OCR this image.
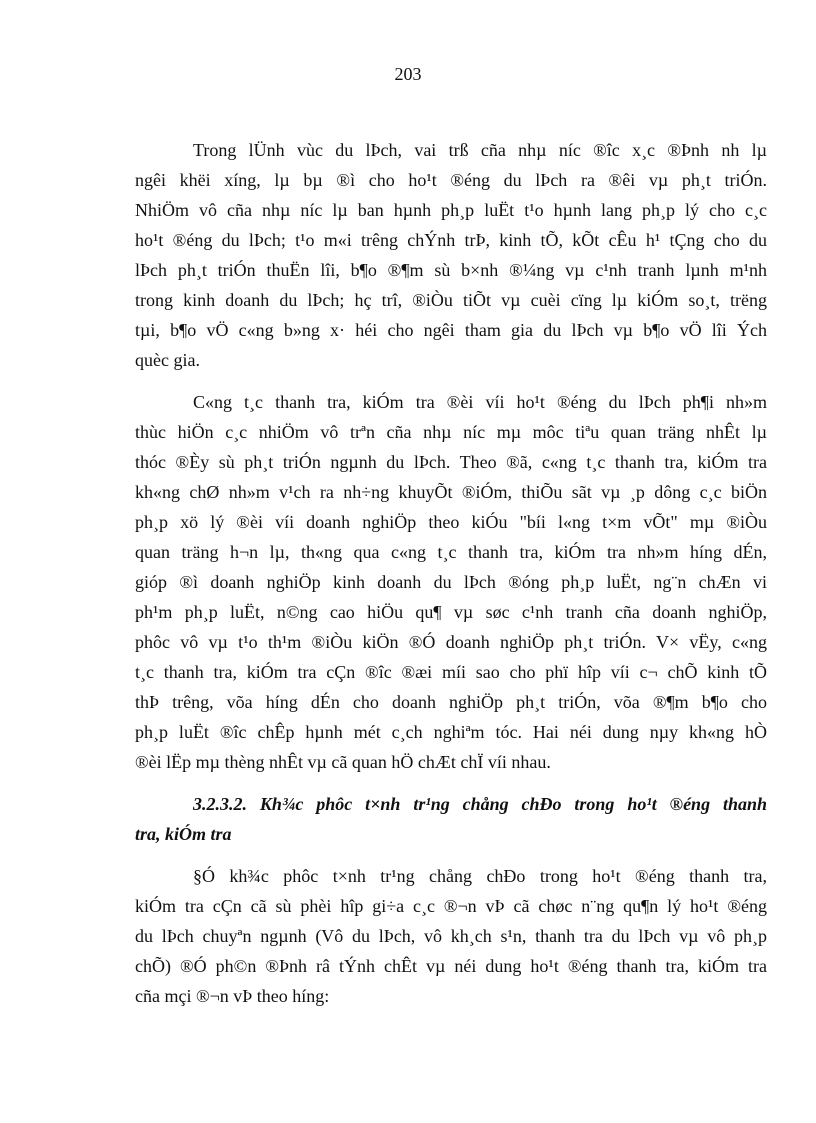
203
Trong lÜnh vùc du lÞch, vai trß cña nhµ níc ®îc x¸c ®Þnh nh lµ
ngêi khëi xíng, lµ bµ ®ì cho ho¹t ®éng du lÞch ra ®êi vµ ph¸t triÓn.
NhiÖm vô cña nhµ níc lµ ban hµnh ph¸p luËt t¹o hµnh lang ph¸p lý cho c¸c
ho¹t ®éng du lÞch; t¹o m«i trêng chÝnh trÞ, kinh tÕ, kÕt cÊu h¹ tÇng cho du
lÞch ph¸t triÓn thuËn lîi, b¶o ®¶m sù b×nh ®¼ng vµ c¹nh tranh lµnh m¹nh
trong kinh doanh du lÞch; hç trî, ®iÒu tiÕt vµ cuèi cïng lµ kiÓm so¸t, trëng
tµi, b¶o vÖ c«ng b»ng x· héi cho ngêi tham gia du lÞch vµ b¶o vÖ lîi Ých
quèc gia.
C«ng t¸c thanh tra, kiÓm tra ®èi víi ho¹t ®éng du lÞch ph¶i nh»m
thùc hiÖn c¸c nhiÖm vô trªn cña nhµ níc mµ môc tiªu quan träng nhÊt lµ
thóc ®Èy sù ph¸t triÓn ngµnh du lÞch. Theo ®ã, c«ng t¸c thanh tra, kiÓm tra
kh«ng chØ nh»m v¹ch ra nh÷ng khuyÕt ®iÓm, thiÕu sãt vµ ¸p dông c¸c biÖn
ph¸p xö lý ®èi víi doanh nghiÖp theo kiÓu "bíi l«ng t×m vÕt" mµ ®iÒu
quan träng h¬n lµ, th«ng qua c«ng t¸c thanh tra, kiÓm tra nh»m híng dÉn,
gióp ®ì doanh nghiÖp kinh doanh du lÞch ®óng ph¸p luËt, ng¨n chÆn vi
ph¹m ph¸p luËt, n©ng cao hiÖu qu¶ vµ søc c¹nh tranh cña doanh nghiÖp,
phôc vô vµ t¹o th¹m ®iÒu kiÖn ®Ó doanh nghiÖp ph¸t triÓn. V× vËy, c«ng
t¸c thanh tra, kiÓm tra cÇn ®îc ®æi míi sao cho phï hîp víi c¬ chÕ kinh tÕ
thÞ trêng, võa híng dÉn cho doanh nghiÖp ph¸t triÓn, võa ®¶m b¶o cho
ph¸p luËt ®îc chÊp hµnh mét c¸ch nghiªm tóc. Hai néi dung nµy kh«ng hÒ
®èi lËp mµ thèng nhÊt vµ cã quan hÖ chÆt chÏ víi nhau.
3.2.3.2. Kh¾c phôc t×nh tr¹ng chång chÐo trong ho¹t ®éng thanh
tra, kiÓm tra
§Ó kh¾c phôc t×nh tr¹ng chång chÐo trong ho¹t ®éng thanh tra,
kiÓm tra cÇn cã sù phèi hîp gi÷a c¸c ®¬n vÞ cã chøc n¨ng qu¶n lý ho¹t ®éng
du lÞch chuyªn ngµnh (Vô du lÞch, vô kh¸ch s¹n, thanh tra du lÞch vµ vô ph¸p
chÕ) ®Ó ph©n ®Þnh râ tÝnh chÊt vµ néi dung ho¹t ®éng thanh tra, kiÓm tra
cña mçi ®¬n vÞ theo híng:
